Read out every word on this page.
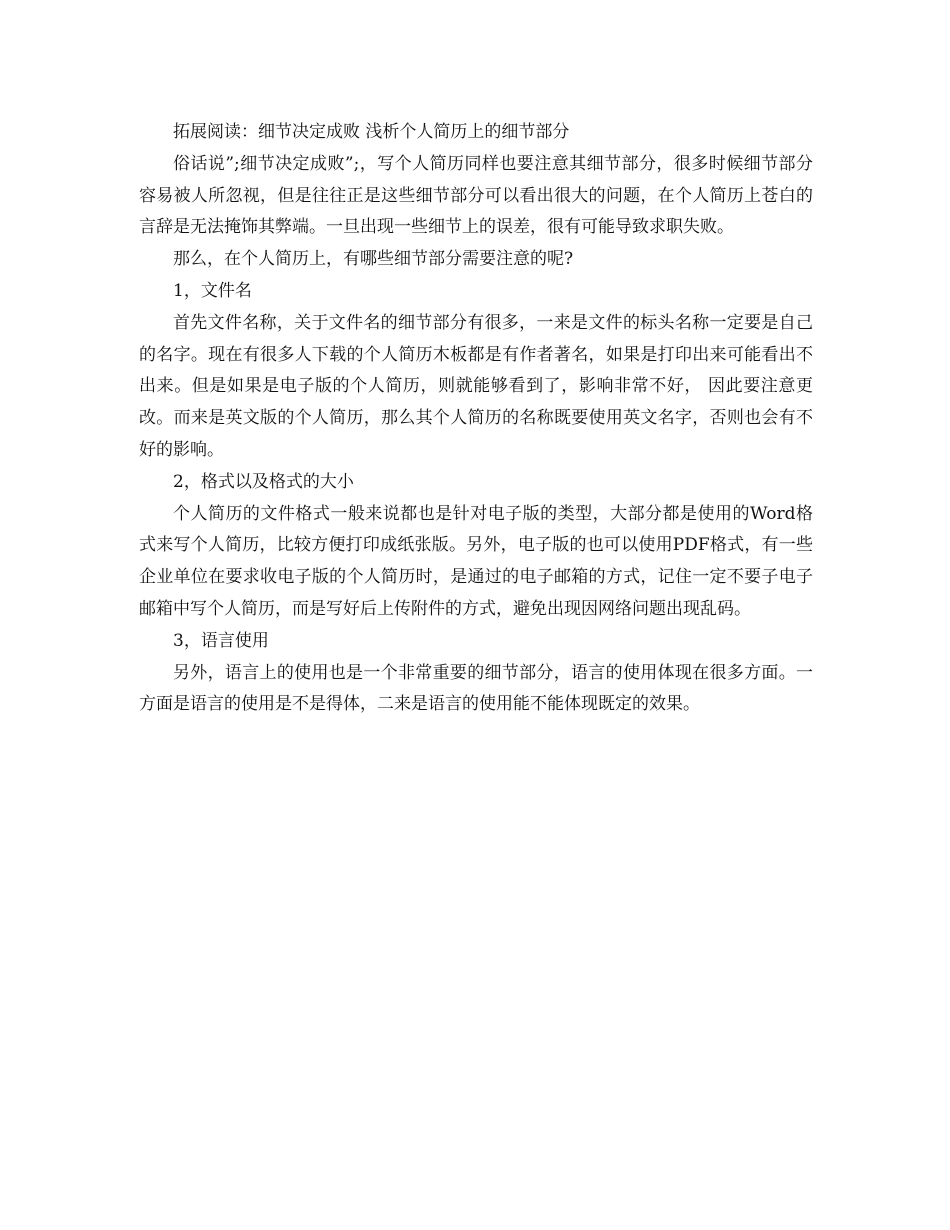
拓展阅读：细节决定成败 浅析个人简历上的细节部分

俗话说”;细节决定成败”;，写个人简历同样也要注意其细节部分，很多时候细节部分容易被人所忽视，但是往往正是这些细节部分可以看出很大的问题，在个人简历上苍白的言辞是无法掩饰其弊端。一旦出现一些细节上的误差，很有可能导致求职失败。

那么，在个人简历上，有哪些细节部分需要注意的呢?

1，文件名

首先文件名称，关于文件名的细节部分有很多，一来是文件的标头名称一定要是自己的名字。现在有很多人下载的个人简历木板都是有作者著名，如果是打印出来可能看出不出来。但是如果是电子版的个人简历，则就能够看到了，影响非常不好， 因此要注意更改。而来是英文版的个人简历，那么其个人简历的名称既要使用英文名字，否则也会有不好的影响。

2，格式以及格式的大小

个人简历的文件格式一般来说都也是针对电子版的类型，大部分都是使用的Word格式来写个人简历，比较方便打印成纸张版。另外，电子版的也可以使用PDF格式，有一些企业单位在要求收电子版的个人简历时，是通过的电子邮箱的方式，记住一定不要子电子邮箱中写个人简历，而是写好后上传附件的方式，避免出现因网络问题出现乱码。

3，语言使用

另外，语言上的使用也是一个非常重要的细节部分，语言的使用体现在很多方面。一方面是语言的使用是不是得体，二来是语言的使用能不能体现既定的效果。
